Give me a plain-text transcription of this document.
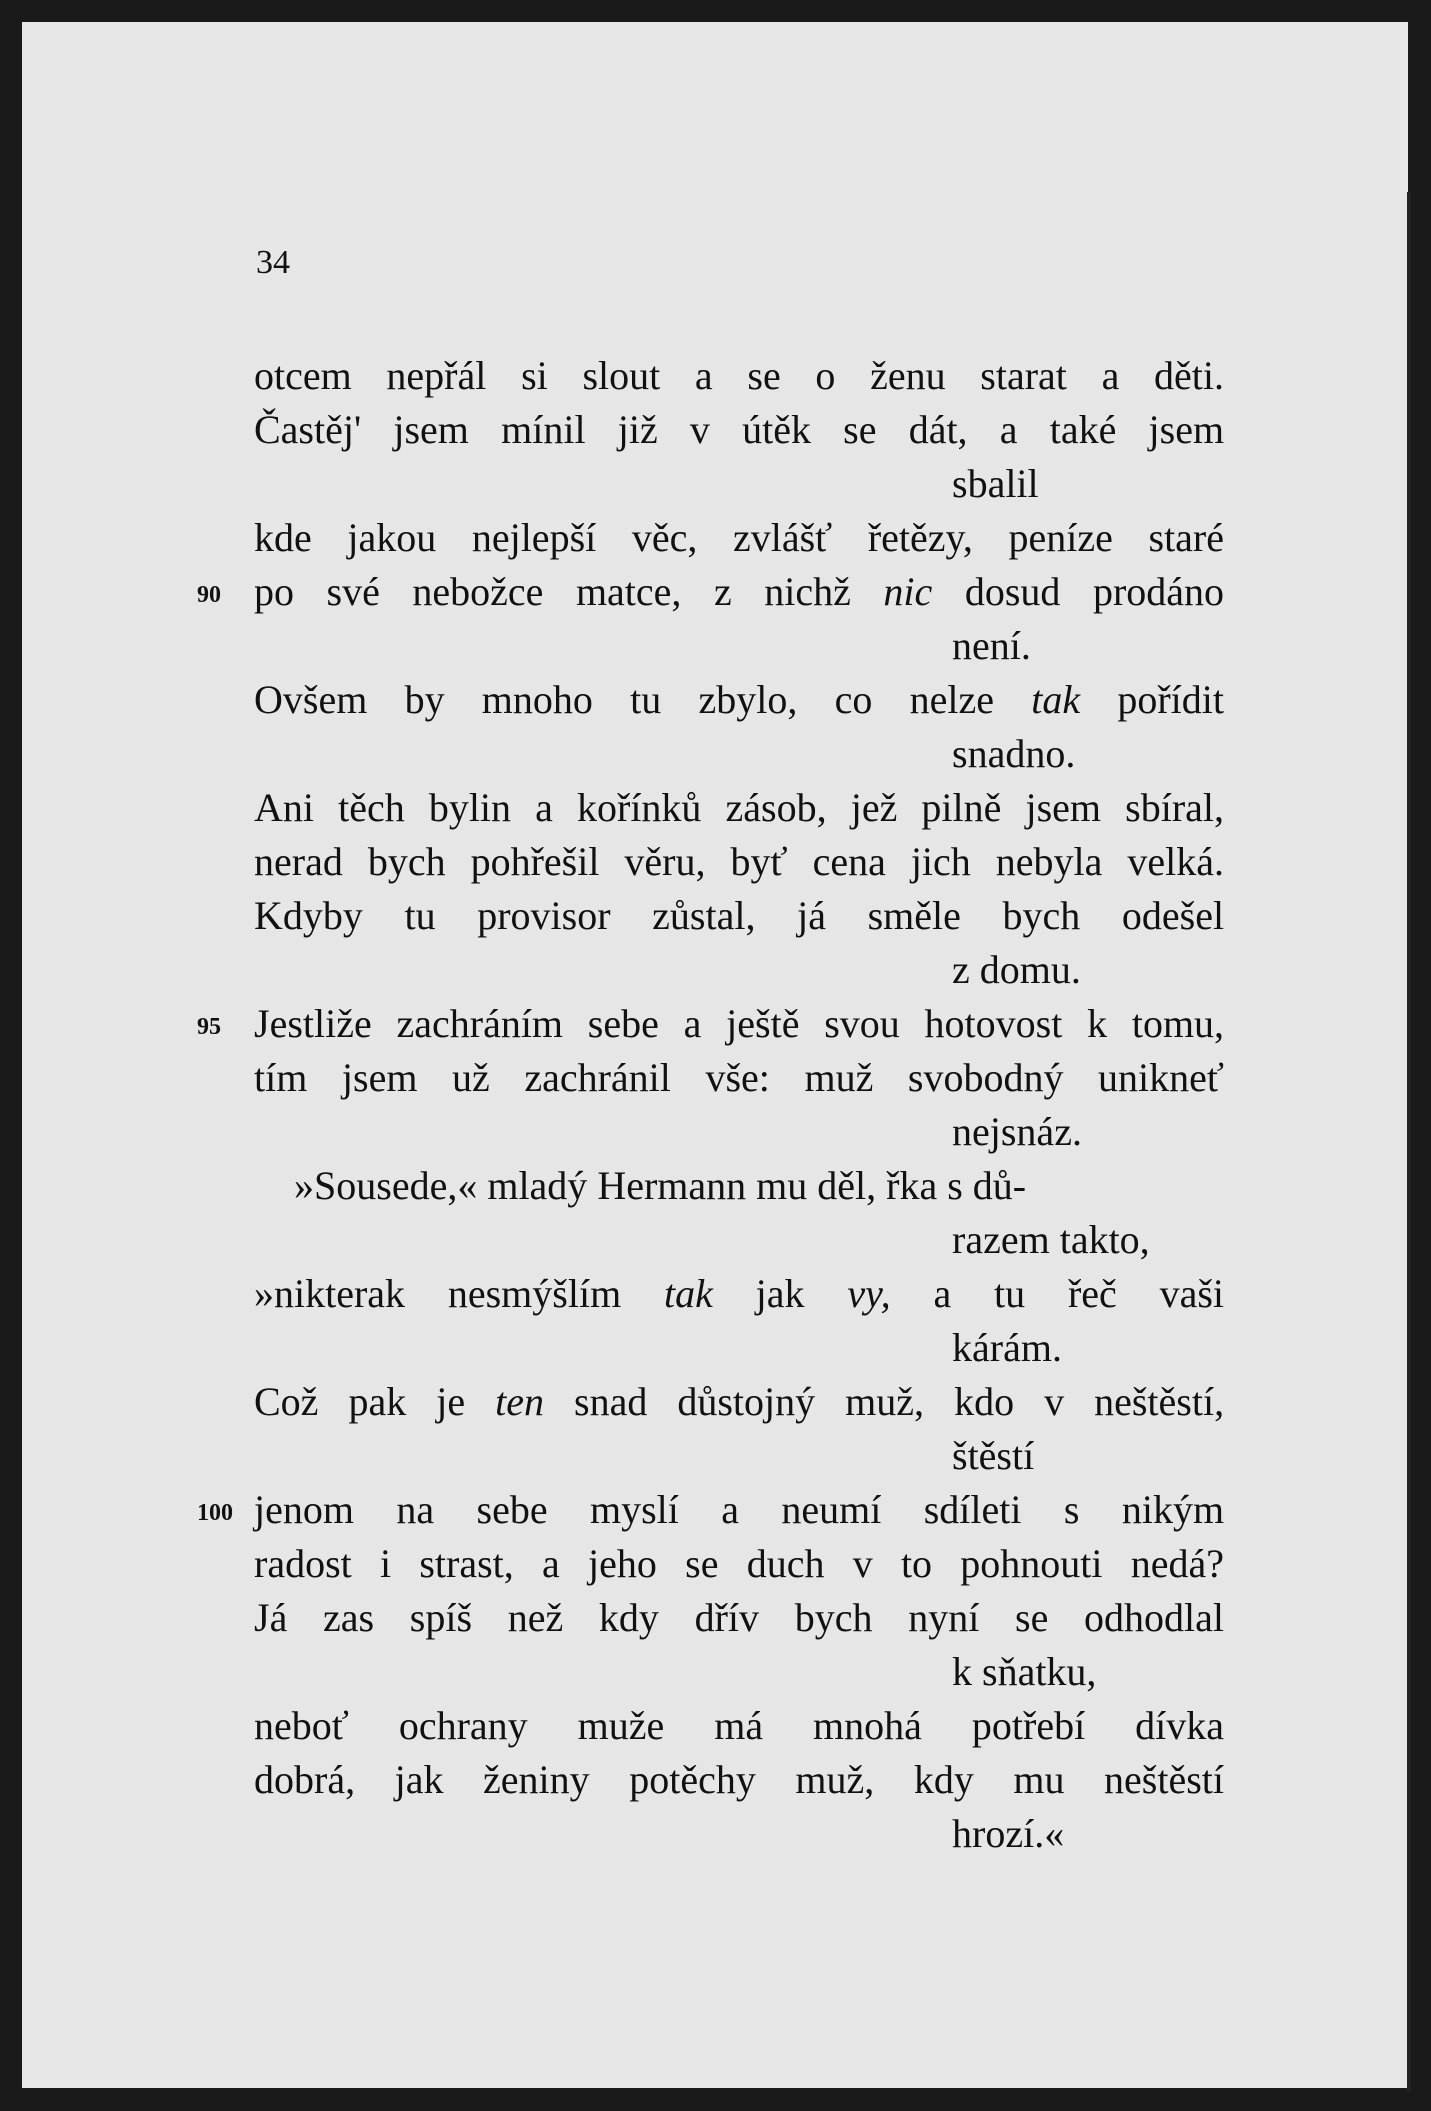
34
otcem nepřál si slout a se o ženu starat a děti.
Častěj' jsem mínil již v útěk se dát, a také jsem
sbalil
kde jakou nejlepší věc, zvlášť řetězy, peníze staré
90 po své nebožce matce, z nichž nic dosud prodáno
není.
Ovšem by mnoho tu zbylo, co nelze tak pořídit
snadno.
Ani těch bylin a kořínků zásob, jež pilně jsem sbíral,
nerad bych pohřešil věru, byť cena jich nebyla velká.
Kdyby tu provisor zůstal, já směle bych odešel
z domu.
95 Jestliže zachráním sebe a ještě svou hotovost k tomu,
tím jsem už zachránil vše: muž svobodný unikneť
nejsnáz.
»Sousede,« mladý Hermann mu děl, řka s dů-
razem takto,
»nikterak nesmýšlím tak jak vy, a tu řeč vaši
kárám.
Což pak je ten snad důstojný muž, kdo v neštěstí,
štěstí
100 jenom na sebe myslí a neumí sdíleti s nikým
radost i strast, a jeho se duch v to pohnouti nedá?
Já zas spíš než kdy dřív bych nyní se odhodlal
k sňatku,
neboť ochrany muže má mnohá potřebí dívka
dobrá, jak ženiny potěchy muž, kdy mu neštěstí
hrozí.«
